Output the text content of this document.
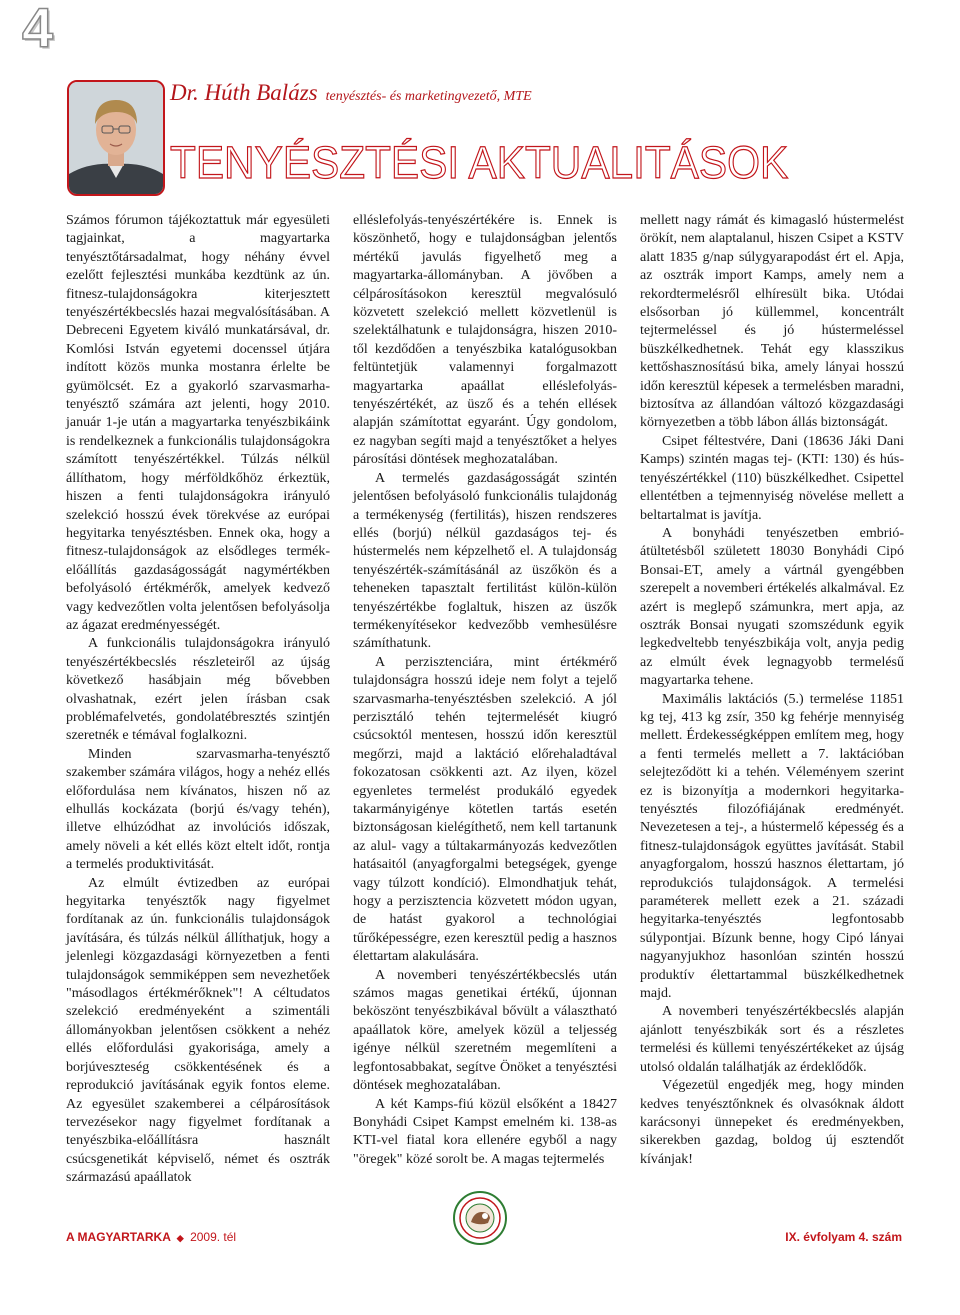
4
Dr. Húth Balázs tenyésztés- és marketingvezető, MTE
TENYÉSZTÉSI AKTUALITÁSOK

Számos fórumon tájékoztattuk már egyesületi tagjainkat, a magyartarka tenyésztőtársadalmat, hogy néhány évvel ezelőtt fejlesztési munkába kezdtünk az ún. fitnesz-tulajdonságokra kiterjesztett tenyészértékbecslés hazai megvalósításában. A Debreceni Egyetem kiváló munkatársával, dr. Komlósi István egyetemi docenssel útjára indított közös munka mostanra érlelte be gyümölcsét. Ez a gyakorló szarvasmarha-tenyésztő számára azt jelenti, hogy 2010. január 1-je után a magyartarka tenyészbikáink is rendelkeznek a funkcionális tulajdonságokra számított tenyészértékkel. Túlzás nélkül állíthatom, hogy mérföldkőhöz érkeztük, hiszen a fenti tulajdonságokra irányuló szelekció hosszú évek törekvése az európai hegyitarka tenyésztésben. Ennek oka, hogy a fitnesz-tulajdonságok az elsődleges termék-előállítás gazdaságosságát nagymértékben befolyásoló értékmérők, amelyek kedvező vagy kedvezőtlen volta jelentősen befolyásolja az ágazat eredményességét.

A funkcionális tulajdonságokra irányuló tenyészértékbecslés részleteiről az újság következő hasábjain még bővebben olvashatnak, ezért jelen írásban csak problémafelvetés, gondolatébresztés szintjén szeretnék e témával foglalkozni.

Minden szarvasmarha-tenyésztő szakember számára világos, hogy a nehéz ellés előfordulása nem kívánatos, hiszen nő az elhullás kockázata (borjú és/vagy tehén), illetve elhúzódhat az involúciós időszak, amely növeli a két ellés közt eltelt időt, rontja a termelés produktivitását.

Az elmúlt évtizedben az európai hegyitarka tenyésztők nagy figyelmet fordítanak az ún. funkcionális tulajdonságok javítására, és túlzás nélkül állíthatjuk, hogy a jelenlegi közgazdasági környezetben a fenti tulajdonságok semmiképpen sem nevezhetőek "másodlagos értékmérőknek"! A céltudatos szelekció eredményeként a szimentáli állományokban jelentősen csökkent a nehéz ellés előfordulási gyakorisága, amely a borjúveszteség csökkentésének és a reprodukció javításának egyik fontos eleme. Az egyesület szakemberei a célpárosítások tervezésekor nagy figyelmet fordítanak a tenyészbika-előállításra használt csúcsgenetikát képviselő, német és osztrák származású apaállatok

elléslefolyás-tenyészértékére is. Ennek is köszönhető, hogy e tulajdonságban jelentős mértékű javulás figyelhető meg a magyartarka-állományban. A jövőben a célpárosításokon keresztül megvalósuló közvetett szelekció mellett közvetlenül is szelektálhatunk e tulajdonságra, hiszen 2010-től kezdődően a tenyészbika katalógusokban feltüntetjük valamennyi forgalmazott magyartarka apaállat elléslefolyás-tenyészértékét, az üsző és a tehén ellések alapján számítottat egyaránt. Úgy gondolom, ez nagyban segíti majd a tenyésztőket a helyes párosítási döntések meghozatalában.

A termelés gazdaságosságát szintén jelentősen befolyásoló funkcionális tulajdonág a termékenység (fertilitás), hiszen rendszeres ellés (borjú) nélkül gazdaságos tej- és hústermelés nem képzelhető el. A tulajdonság tenyészérték-számításánál az üszőkön és a teheneken tapasztalt fertilitást külön-külön tenyészértékbe foglaltuk, hiszen az üszők termékenyítésekor kedvezőbb vemhesülésre számíthatunk.

A perzisztenciára, mint értékmérő tulajdonságra hosszú ideje nem folyt a tejelő szarvasmarha-tenyésztésben szelekció. A jól perzisztáló tehén tejtermelését kiugró csúcsoktól mentesen, hosszú időn keresztül megőrzi, majd a laktáció előrehaladtával fokozatosan csökkenti azt. Az ilyen, közel egyenletes termelést produkáló egyedek takarmányigénye kötetlen tartás esetén biztonságosan kielégíthető, nem kell tartanunk az alul- vagy a túltakarmányozás kedvezőtlen hatásaitól (anyagforgalmi betegségek, gyenge vagy túlzott kondíció). Elmondhatjuk tehát, hogy a perzisztencia közvetett módon ugyan, de hatást gyakorol a technológiai tűrőképességre, ezen keresztül pedig a hasznos élettartam alakulására.

A novemberi tenyészértékbecslés után számos magas genetikai értékű, újonnan beköszönt tenyészbikával bővült a választható apaállatok köre, amelyek közül a teljesség igénye nélkül szeretném megemlíteni a legfontosabbakat, segítve Önöket a tenyésztési döntések meghozatalában.

A két Kamps-fiú közül elsőként a 18427 Bonyhádi Csipet Kampst emelném ki. 138-as KTI-vel fiatal kora ellenére egyből a nagy "öregek" közé sorolt be. A magas tejtermelés

mellett nagy rámát és kimagasló hústermelést örökít, nem alaptalanul, hiszen Csipet a KSTV alatt 1835 g/nap súlygyarapodást ért el. Apja, az osztrák import Kamps, amely nem a rekordtermelésről elhíresült bika. Utódai elsősorban jó küllemmel, koncentrált tejtermeléssel és jó hústermeléssel büszkélkedhetnek. Tehát egy klasszikus kettőshasznosítású bika, amely lányai hosszú időn keresztül képesek a termelésben maradni, biztosítva az állandóan változó közgazdasági környezetben a több lábon állás biztonságát.

Csipet féltestvére, Dani (18636 Jáki Dani Kamps) szintén magas tej- (KTI: 130) és hús-tenyészértékkel (110) büszkélkedhet. Csipettel ellentétben a tejmennyiség növelése mellett a beltartalmat is javítja.

A bonyhádi tenyészetben embrió-átültetésből született 18030 Bonyhádi Cipó Bonsai-ET, amely a vártnál gyengébben szerepelt a novemberi értékelés alkalmával. Ez azért is meglepő számunkra, mert apja, az osztrák Bonsai nyugati szomszédunk egyik legkedveltebb tenyészbikája volt, anyja pedig az elmúlt évek legnagyobb termelésű magyartarka tehene.

Maximális laktációs (5.) termelése 11851 kg tej, 413 kg zsír, 350 kg fehérje mennyiség mellett. Érdekességképpen említem meg, hogy a fenti termelés mellett a 7. laktációban selejteződött ki a tehén. Véleményem szerint ez is bizonyítja a modernkori hegyitarka-tenyésztés filozófiájának eredményét. Nevezetesen a tej-, a hústermelő képesség és a fitnesz-tulajdonságok együttes javítását. Stabil anyagforgalom, hosszú hasznos élettartam, jó reprodukciós tulajdonságok. A termelési paraméterek mellett ezek a 21. századi hegyitarka-tenyésztés legfontosabb súlypontjai. Bízunk benne, hogy Cipó lányai nagyanyjukhoz hasonlóan szintén hosszú produktív élettartammal büszkélkedhetnek majd.

A novemberi tenyészértékbecslés alapján ajánlott tenyészbikák sort és a részletes termelési és küllemi tenyészértékeket az újság utolsó oldalán találhatják az érdeklődők.

Végezetül engedjék meg, hogy minden kedves tenyésztőnknek és olvasóknak áldott karácsonyi ünnepeket és eredményekben, sikerekben gazdag, boldog új esztendőt kívánjak!

A MAGYARTARKA ◆ 2009. tél	IX. évfolyam 4. szám
